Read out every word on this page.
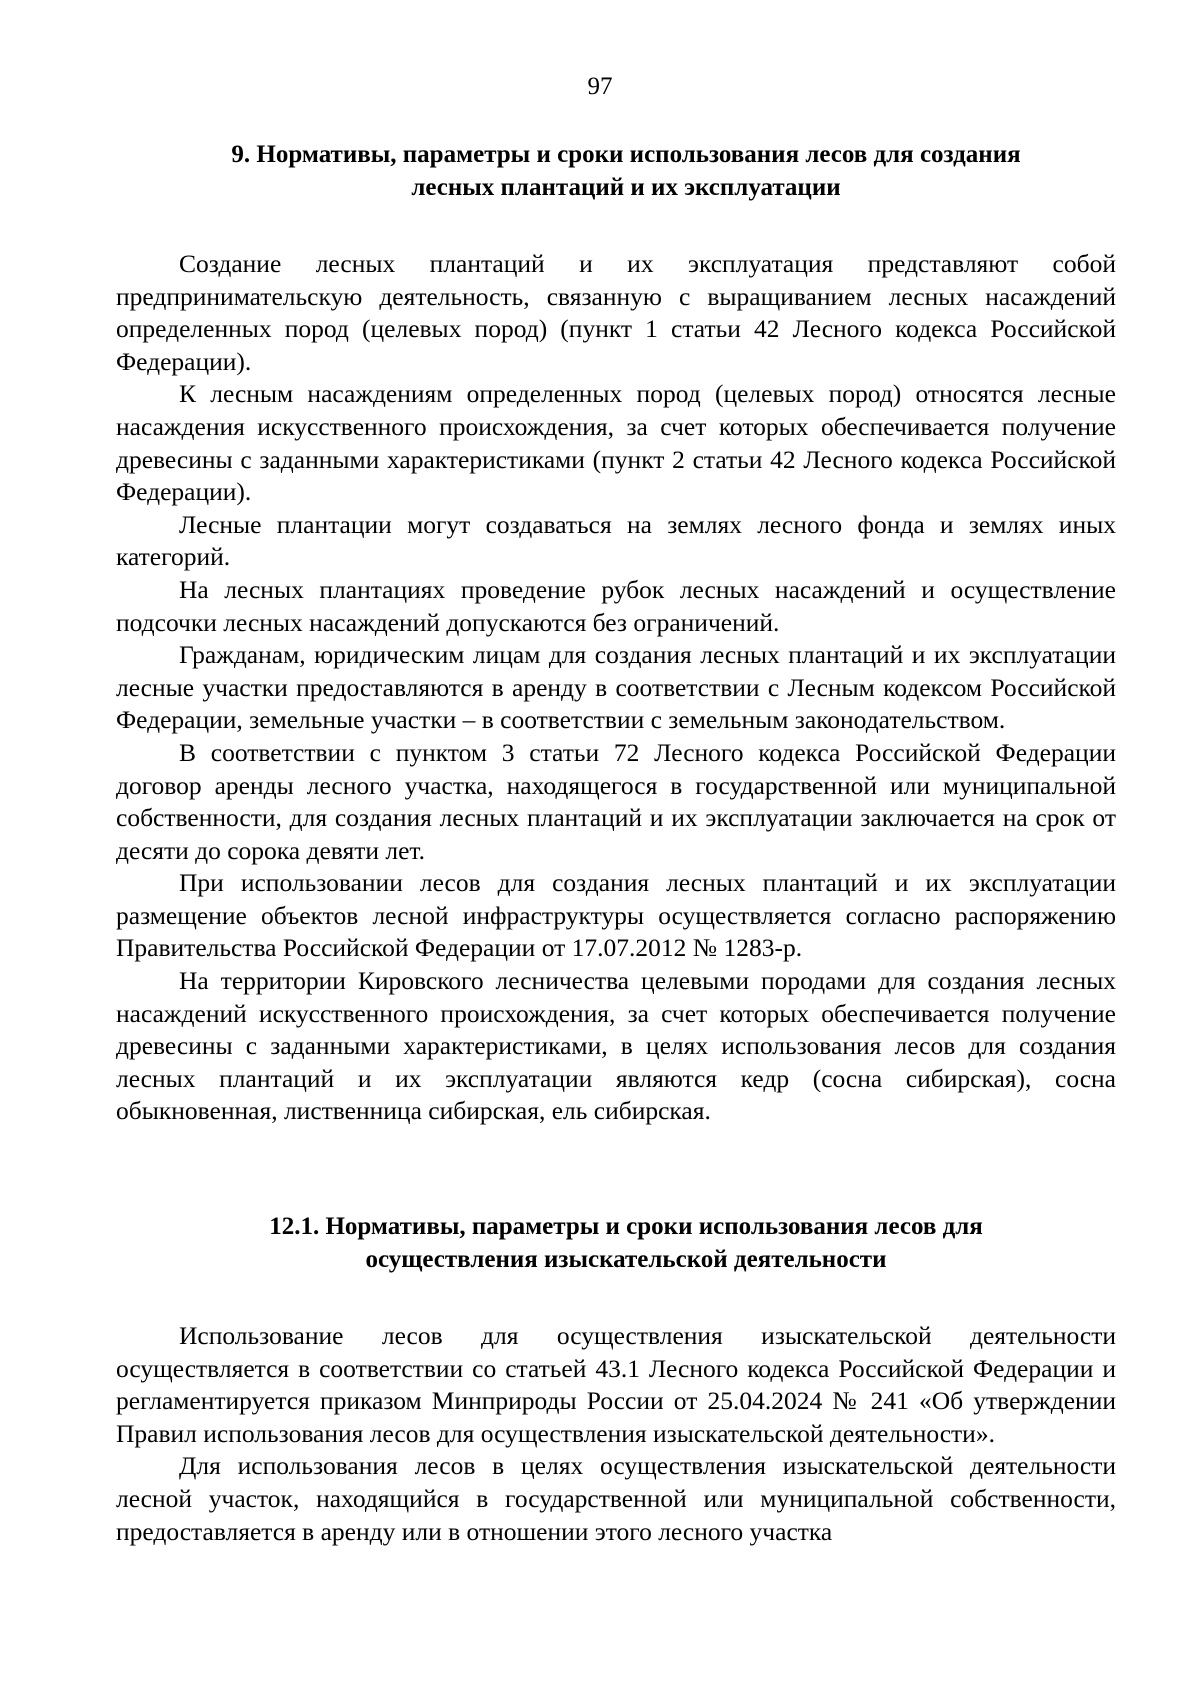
97

9. Нормативы, параметры и сроки использования лесов для создания
лесных плантаций и их эксплуатации

Создание лесных плантаций и их эксплуатация представляют собой предпринимательскую деятельность, связанную с выращиванием лесных насаждений определенных пород (целевых пород) (пункт 1 статьи 42 Лесного кодекса Российской Федерации).

К лесным насаждениям определенных пород (целевых пород) относятся лесные насаждения искусственного происхождения, за счет которых обеспечивается получение древесины с заданными характеристиками (пункт 2 статьи 42 Лесного кодекса Российской Федерации).

Лесные плантации могут создаваться на землях лесного фонда и землях иных категорий.

На лесных плантациях проведение рубок лесных насаждений и осуществление подсочки лесных насаждений допускаются без ограничений.

Гражданам, юридическим лицам для создания лесных плантаций и их эксплуатации лесные участки предоставляются в аренду в соответствии с Лесным кодексом Российской Федерации, земельные участки – в соответствии с земельным законодательством.

В соответствии с пунктом 3 статьи 72 Лесного кодекса Российской Федерации договор аренды лесного участка, находящегося в государственной или муниципальной собственности, для создания лесных плантаций и их эксплуатации заключается на срок от десяти до сорока девяти лет.

При использовании лесов для создания лесных плантаций и их эксплуатации размещение объектов лесной инфраструктуры осуществляется согласно распоряжению Правительства Российской Федерации от 17.07.2012 № 1283-р.

На территории Кировского лесничества целевыми породами для создания лесных насаждений искусственного происхождения, за счет которых обеспечивается получение древесины с заданными характеристиками, в целях использования лесов для создания лесных плантаций и их эксплуатации являются кедр (сосна сибирская), сосна обыкновенная, лиственница сибирская, ель сибирская.

12.1. Нормативы, параметры и сроки использования лесов для
осуществления изыскательской деятельности

Использование лесов для осуществления изыскательской деятельности осуществляется в соответствии со статьей 43.1 Лесного кодекса Российской Федерации и регламентируется приказом Минприроды России от 25.04.2024 № 241 «Об утверждении Правил использования лесов для осуществления изыскательской деятельности».

Для использования лесов в целях осуществления изыскательской деятельности лесной участок, находящийся в государственной или муниципальной собственности, предоставляется в аренду или в отношении этого лесного участка
